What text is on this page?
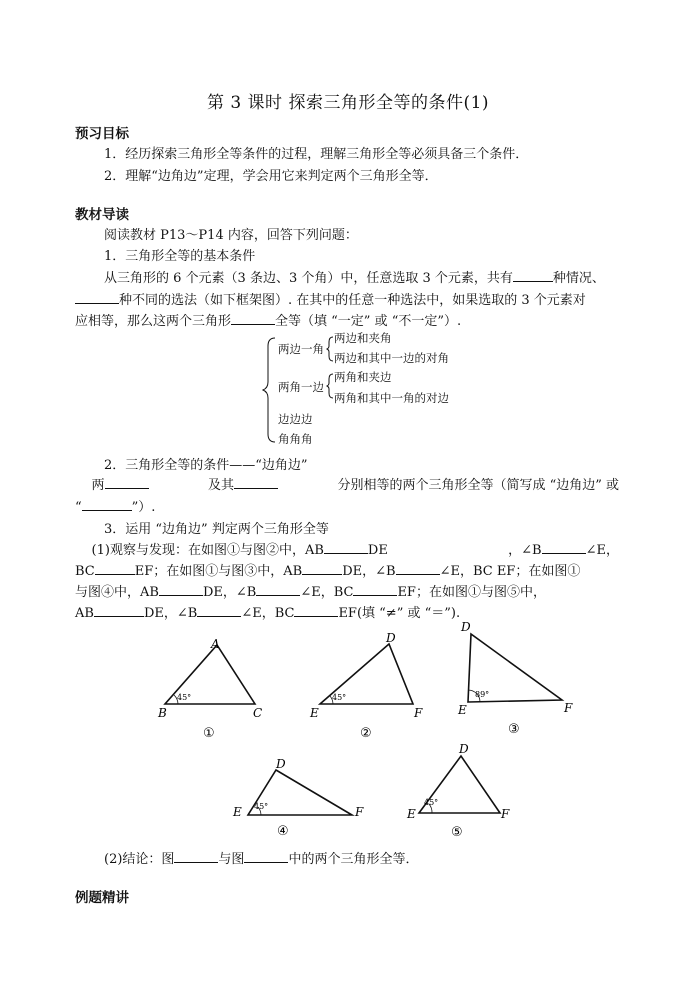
第 3 课时 探索三角形全等的条件(1)
预习目标
1．经历探索三角形全等条件的过程，理解三角形全等必须具备三个条件．
2．理解“边角边”定理，学会用它来判定两个三角形全等．
教材导读
阅读教材 P13～P14 内容，回答下列问题：
1．三角形全等的基本条件
从三角形的 6 个元素（3 条边、3 个角）中，任意选取 3 个元素，共有	种情况、
种不同的选法（如下框架图）. 在其中的任意一种选法中，如果选取的 3 个元素对
应相等，那么这两个三角形	全等（填 “一定” 或 “不一定”）.
两边一角
两边和夹角
两边和其中一边的对角
两角一边
两角和夹边
两角和其中一角的对边
边边边
角角角
2．三角形全等的条件——“边角边”
两	及其	分别相等的两个三角形全等（简写成 “边角边” 或
“	”）.
3．运用 “边角边” 判定两个三角形全等
(1)观察与发现：在如图①与图②中，AB	DE	，∠B	∠E，
BC	EF；在如图①与图③中，AB	DE，∠B	∠E，BC EF；在如图①
与图④中，AB	DE，∠B	∠E，BC	EF；在如图①与图⑤中，
AB	DE，∠B	∠E，BC	EF(填 “≠” 或 “＝”).
45°
A
B	C
①
45°
D
E	F
②
89°
D
E	F
③
45°
D
E	F
④
45°
D
E	F
⑤
(2)结论：图	与图	中的两个三角形全等．
例题精讲
